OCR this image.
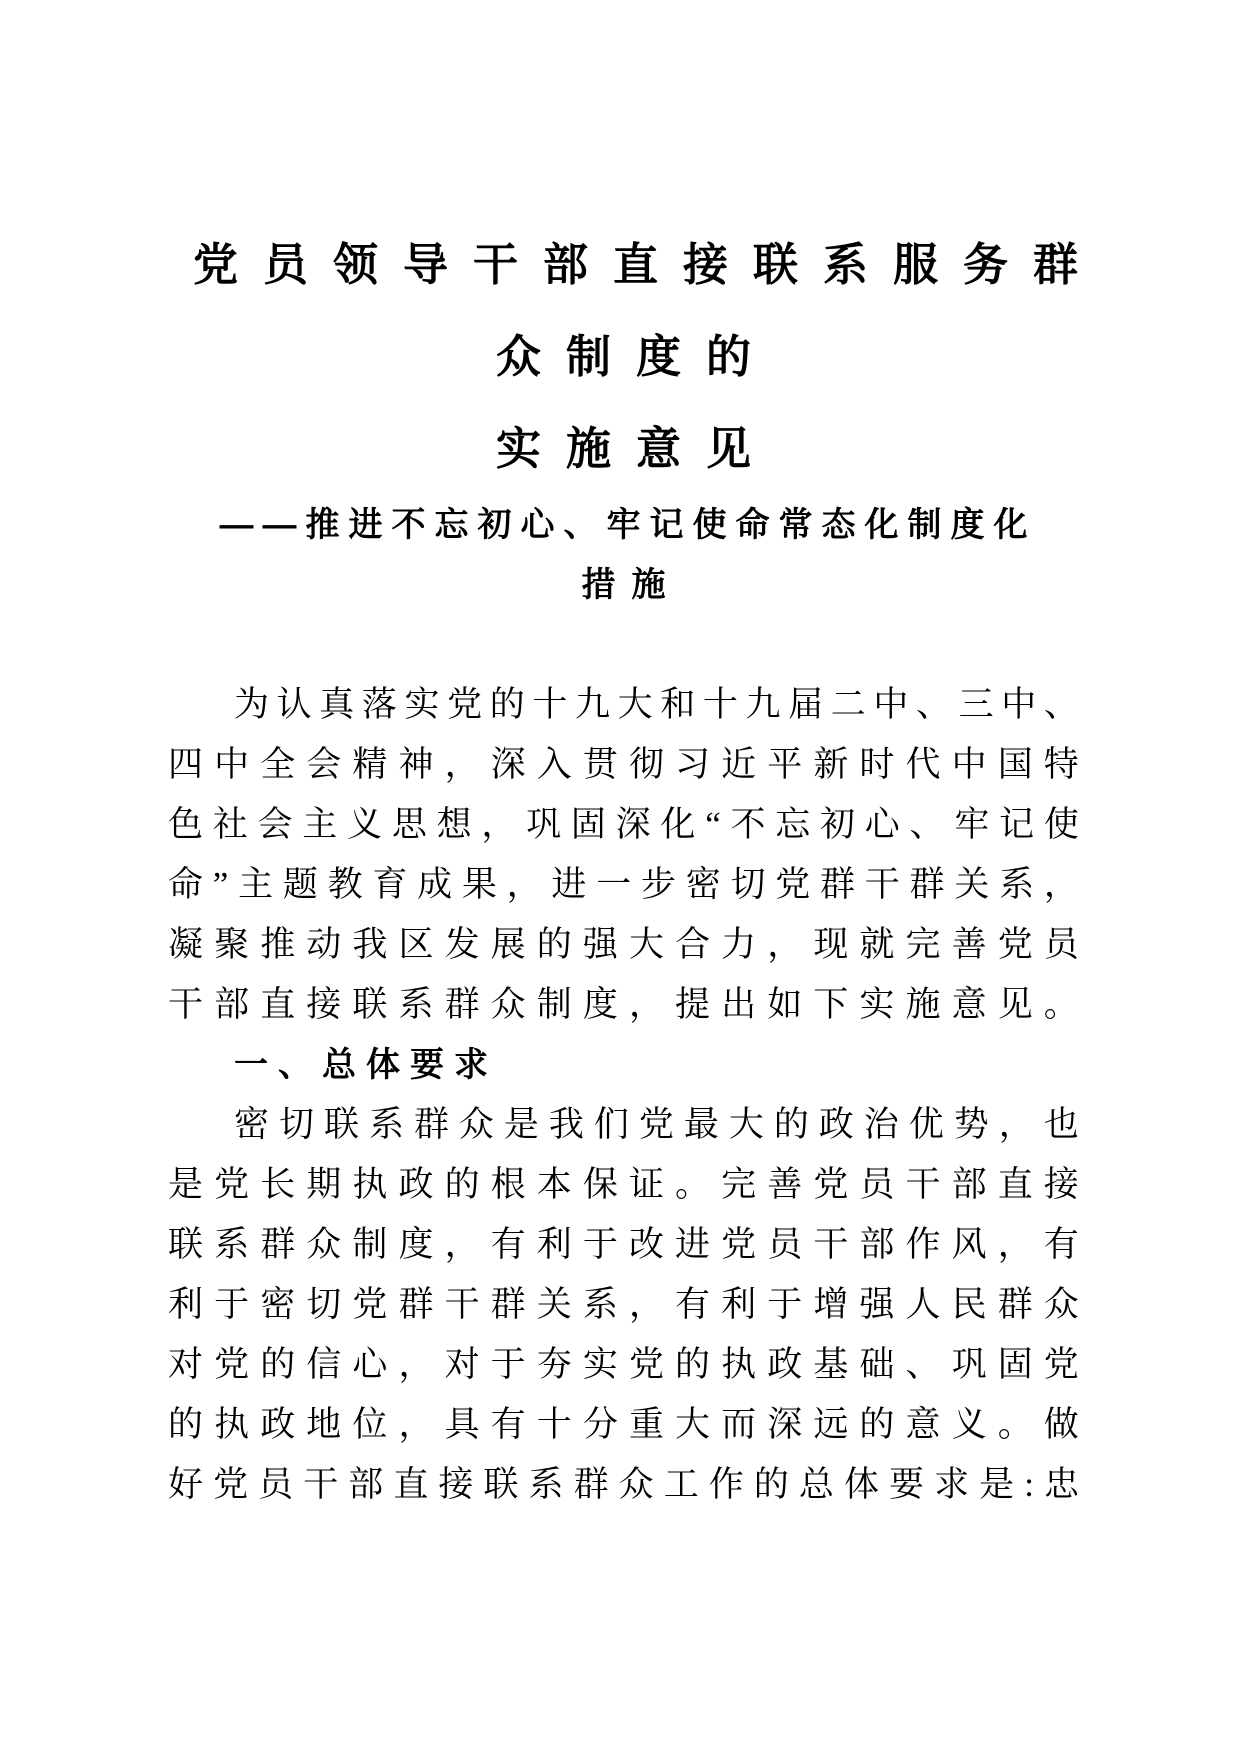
党员领导干部直接联系服务群
众制度的
实施意见
——推进不忘初心、牢记使命常态化制度化
措施
为 认 真 落 实 党 的 十 九 大 和 十 九 届 二 中 、 三 中 、
四 中 全 会 精 神 ， 深 入 贯 彻 习 近 平 新 时 代 中 国 特
色 社 会 主 义 思 想 ， 巩 固 深 化 “ 不 忘 初 心 、 牢 记 使
命 ” 主 题 教 育 成 果 ， 进 一 步 密 切 党 群 干 群 关 系 ，
凝 聚 推 动 我 区 发 展 的 强 大 合 力 ， 现 就 完 善 党 员
干 部 直 接 联 系 群 众 制 度 ， 提 出 如 下 实 施 意 见 。
一、总体要求
密 切 联 系 群 众 是 我 们 党 最 大 的 政 治 优 势 ， 也
是 党 长 期 执 政 的 根 本 保 证 。 完 善 党 员 干 部 直 接
联 系 群 众 制 度 ， 有 利 于 改 进 党 员 干 部 作 风 ， 有
利 于 密 切 党 群 干 群 关 系 ， 有 利 于 增 强 人 民 群 众
对 党 的 信 心 ， 对 于 夯 实 党 的 执 政 基 础 、 巩 固 党
的 执 政 地 位 ， 具 有 十 分 重 大 而 深 远 的 意 义 。 做
好 党 员 干 部 直 接 联 系 群 众 工 作 的 总 体 要 求 是 : 忠
